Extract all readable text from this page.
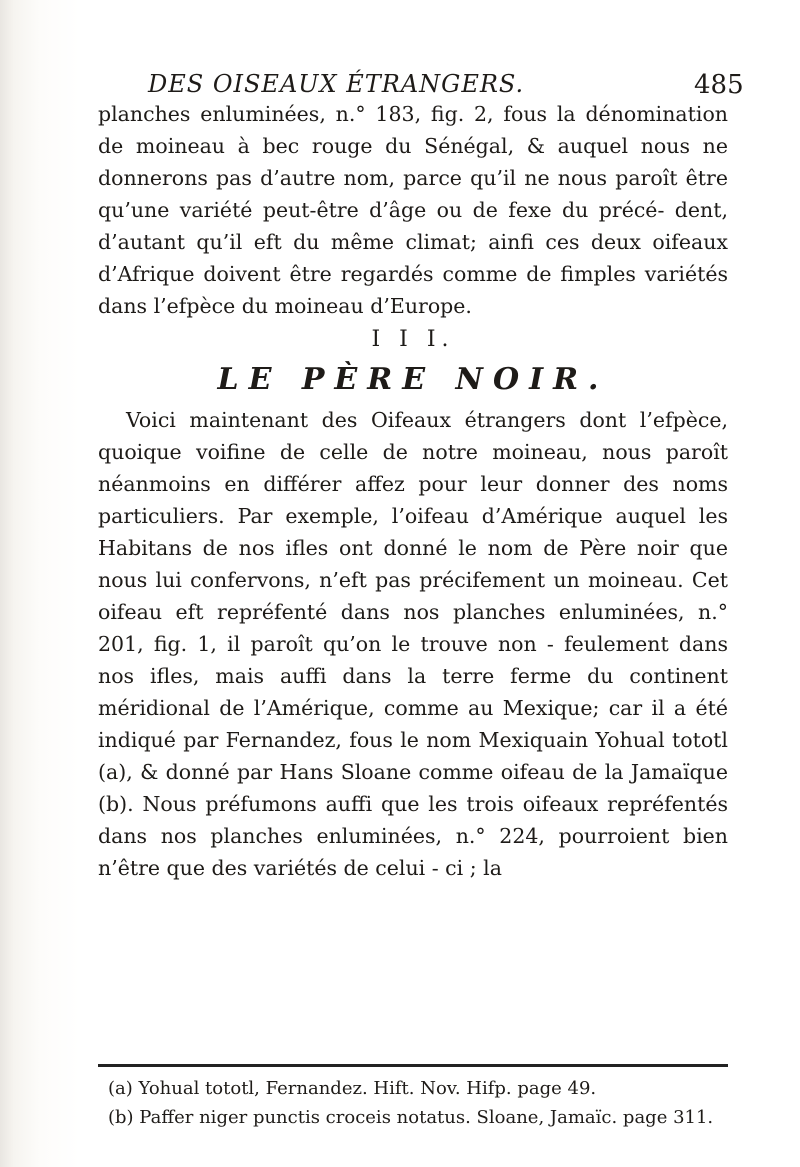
DES OISEAUX ÉTRANGERS.	485

planches enluminées, n.° 183, fig. 2, fous la dénomination de moineau à bec rouge du Sénégal, & auquel nous ne donnerons pas d’autre nom, parce qu’il ne nous paroît être qu’une variété peut-être d’âge ou de fexe du précé- dent, d’autant qu’il eft du même climat; ainfi ces deux oifeaux d’Afrique doivent être regardés comme de fimples variétés dans l’efpèce du moineau d’Europe.

I I I.
LE PÈRE NOIR.

Voici maintenant des Oifeaux étrangers dont l’efpèce, quoique voifine de celle de notre moineau, nous paroît néanmoins en différer affez pour leur donner des noms particuliers. Par exemple, l’oifeau d’Amérique auquel les Habitans de nos ifles ont donné le nom de Père noir que nous lui confervons, n’eft pas précifement un moineau. Cet oifeau eft repréfenté dans nos planches enluminées, n.° 201, fig. 1, il paroît qu’on le trouve non - feulement dans nos ifles, mais auffi dans la terre ferme du continent méridional de l’Amérique, comme au Mexique; car il a été indiqué par Fernandez, fous le nom Mexiquain Yohual tototl (a), & donné par Hans Sloane comme oifeau de la Jamaïque (b). Nous préfumons auffi que les trois oifeaux repréfentés dans nos planches enluminées, n.° 224, pourroient bien n’être que des variétés de celui - ci ; la

(a) Yohual tototl, Fernandez. Hift. Nov. Hifp. page 49.

(b) Paffer niger punctis croceis notatus. Sloane, Jamaïc. page 311.
